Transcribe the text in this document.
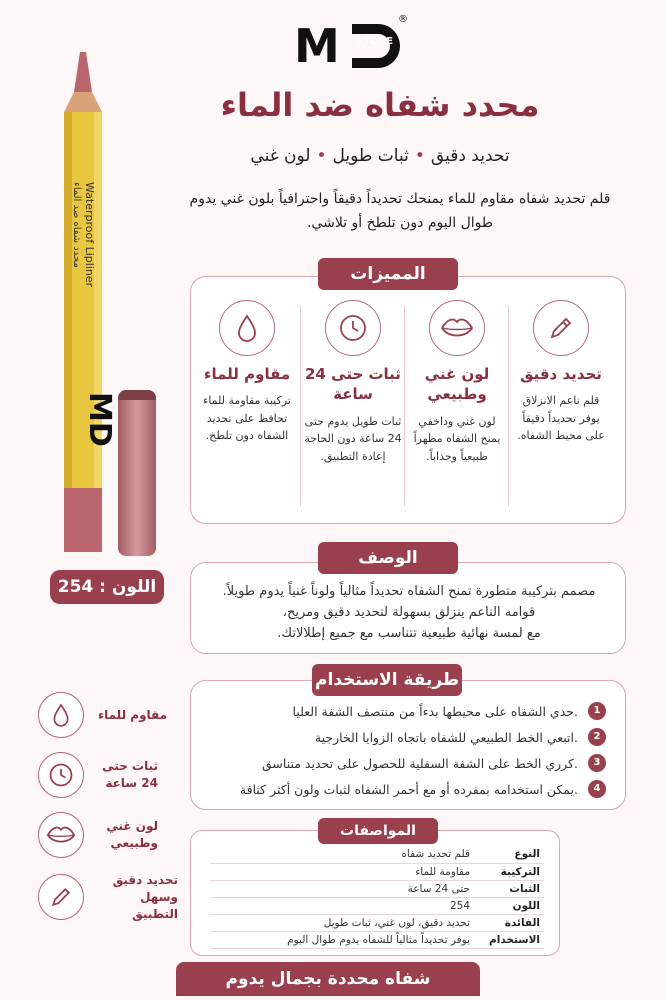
M STORE
®
Waterproof Lipliner
محدد شفاه ضد الماء
MD
اللون : 254
محدد شفاه ضد الماء
تحديد دقيق•ثبات طويل•لون غني
قلم تحديد شفاه مقاوم للماء يمنحك تحديداً دقيقاً واحترافياً بلون غني يدوم طوال اليوم دون تلطخ أو تلاشي.
المميزات
تحديد دقيق
قلم ناعم الانزلاق يوفر تحديداً دقيقاً على محيط الشفاه.
لون غني وطبيعي
لون غني وداخفي يمنح الشفاه مظهراً طبيعياً وجذاباً.
ثبات حتى 24 ساعة
ثبات طويل يدوم حتى 24 ساعة دون الحاجة إعادة التطبيق.
مقاوم للماء
تركيبة مقاومة للماء تحافظ على تحديد الشفاه دون تلطخ.
الوصف
مصمم بتركيبة متطورة تمنح الشفاه تحديداً مثالياً ولوناً غنياً يدوم طويلاً.
قوامه الناعم ينزلق بسهولة لتحديد دقيق ومريح،
مع لمسة نهائية طبيعية تتناسب مع جميع إطلالاتك.
طريقة الاستخدام
1
حدي الشفاه على محيطها بدءاً من منتصف الشفة العليا.
2
اتبعي الخط الطبيعي للشفاه باتجاه الزوايا الخارجية.
3
كرري الخط على الشفة السفلية للحصول على تحديد متناسق.
4
يمكن استخدامه بمفرده أو مع أحمر الشفاه لثبات ولون أكثر كثافة.
مقاوم للماء
ثبات حتى 24 ساعة
لون غني وطبيعي
تحديد دقيق وسهل التطبيق
المواصفات
النوع	قلم تحديد شفاه
التركيبة	مقاومة للماء
الثبات	حتى 24 ساعة
اللون	254
الفائدة	تحديد دقيق، لون غني، ثبات طويل
الاستخدام	يوفر تحديداً مثالياً للشفاه يدوم طوال اليوم
شفاه محددة بجمال يدوم
